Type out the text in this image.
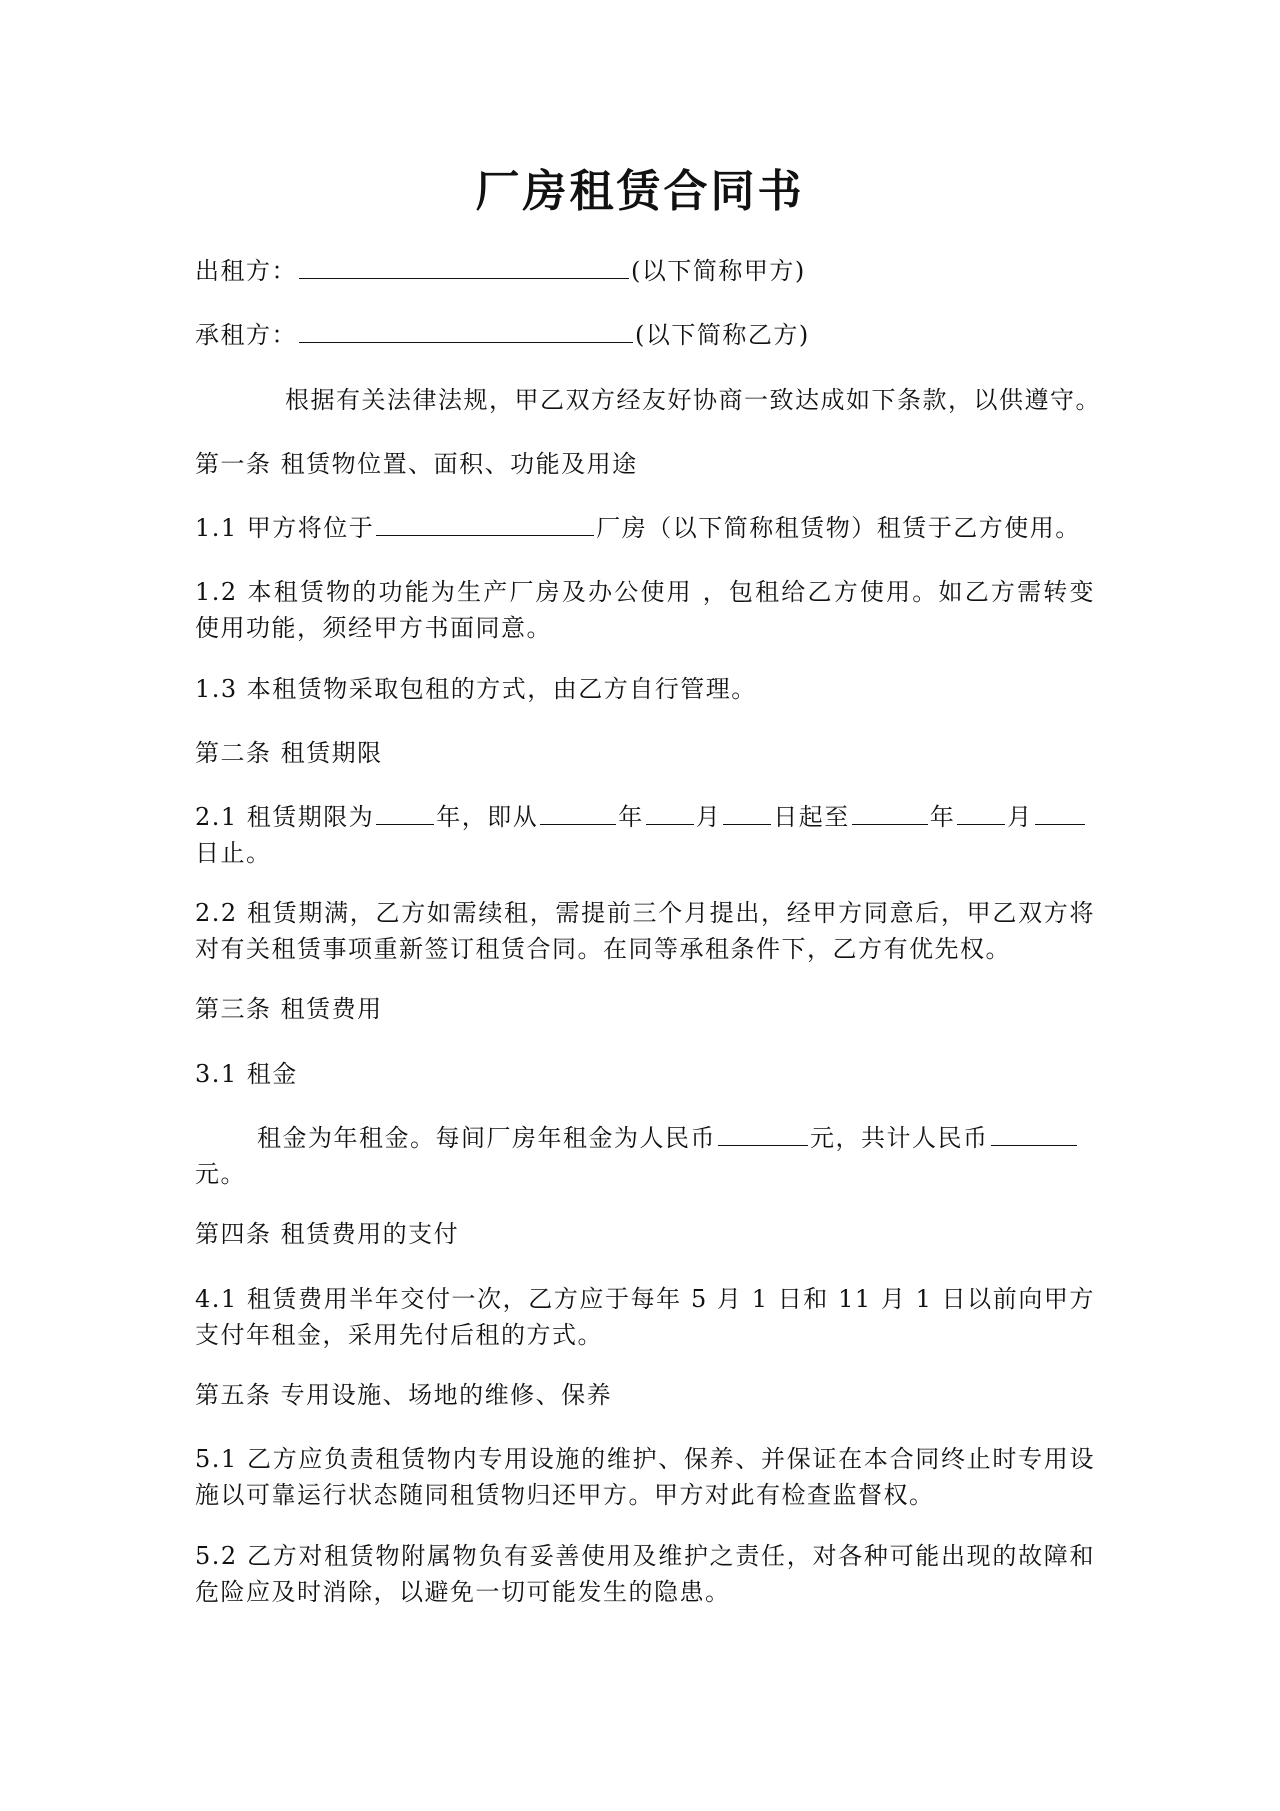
厂房租赁合同书
出租方：	(以下简称甲方)
承租方：	(以下简称乙方)
根据有关法律法规，甲乙双方经友好协商一致达成如下条款，以供遵守。
第一条 租赁物位置、面积、功能及用途
1.1 甲方将位于	厂房（以下简称租赁物）租赁于乙方使用。
1.2 本租赁物的功能为生产厂房及办公使用 ，包租给乙方使用。如乙方需转变使用功能，须经甲方书面同意。
1.3 本租赁物采取包租的方式，由乙方自行管理。
第二条 租赁期限
2.1 租赁期限为	年，即从	年 月 日起至	年 月
日止。
2.2 租赁期满，乙方如需续租，需提前三个月提出，经甲方同意后，甲乙双方将对有关租赁事项重新签订租赁合同。在同等承租条件下，乙方有优先权。
第三条 租赁费用
3.1 租金
租金为年租金。每间厂房年租金为人民币	元，共计人民币
元。
第四条 租赁费用的支付
4.1 租赁费用半年交付一次，乙方应于每年 5 月 1 日和 11 月 1 日以前向甲方支付年租金，采用先付后租的方式。
第五条 专用设施、场地的维修、保养
5.1 乙方应负责租赁物内专用设施的维护、保养、并保证在本合同终止时专用设施以可靠运行状态随同租赁物归还甲方。甲方对此有检查监督权。
5.2 乙方对租赁物附属物负有妥善使用及维护之责任，对各种可能出现的故障和危险应及时消除，以避免一切可能发生的隐患。
